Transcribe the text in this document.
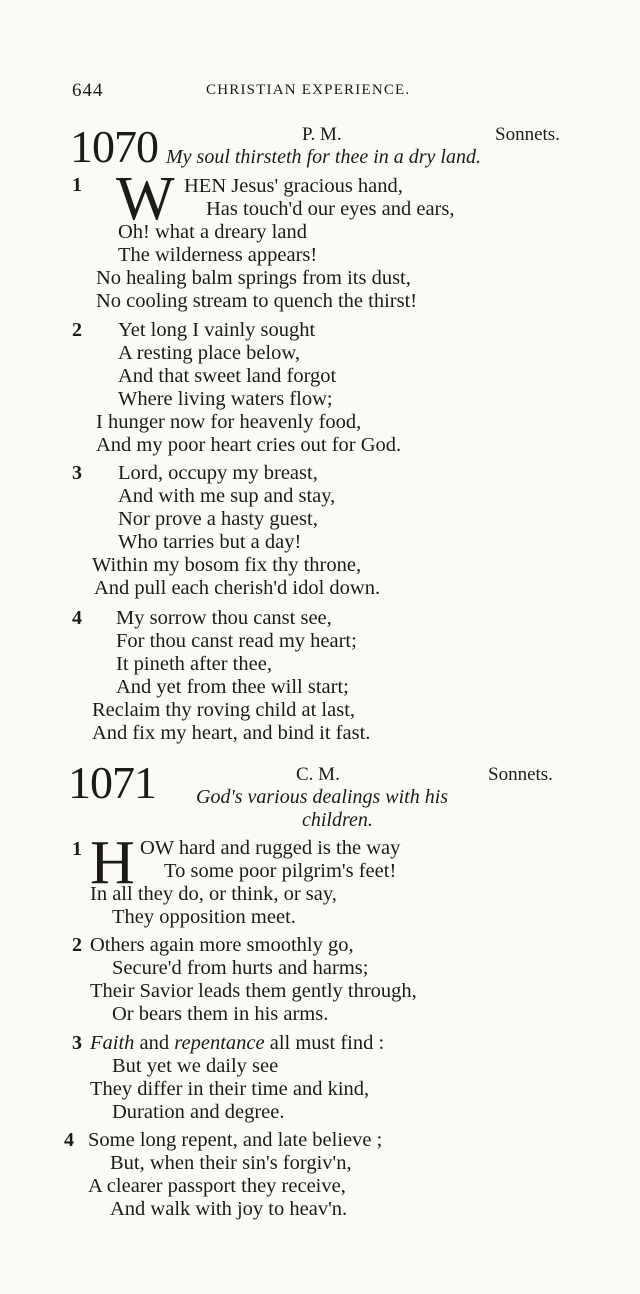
644	CHRISTIAN EXPERIENCE.
1070	P. M.	Sonnets.
My soul thirsteth for thee in a dry land.
1 W HEN Jesus' gracious hand,
Has touch'd our eyes and ears,
Oh! what a dreary land
The wilderness appears!
No healing balm springs from its dust,
No cooling stream to quench the thirst!
2 Yet long I vainly sought
A resting place below,
And that sweet land forgot
Where living waters flow;
I hunger now for heavenly food,
And my poor heart cries out for God.
3 Lord, occupy my breast,
And with me sup and stay,
Nor prove a hasty guest,
Who tarries but a day!
Within my bosom fix thy throne,
And pull each cherish'd idol down.
4 My sorrow thou canst see,
For thou canst read my heart;
It pineth after thee,
And yet from thee will start;
Reclaim thy roving child at last,
And fix my heart, and bind it fast.
1071	C. M.	Sonnets.
God's various dealings with his
children.
1 H OW hard and rugged is the way
To some poor pilgrim's feet!
In all they do, or think, or say,
They opposition meet.
2 Others again more smoothly go,
Secure'd from hurts and harms;
Their Savior leads them gently through,
Or bears them in his arms.
3 Faith and repentance all must find :
But yet we daily see
They differ in their time and kind,
Duration and degree.
4 Some long repent, and late believe ;
But, when their sin's forgiv'n,
A clearer passport they receive,
And walk with joy to heav'n.
